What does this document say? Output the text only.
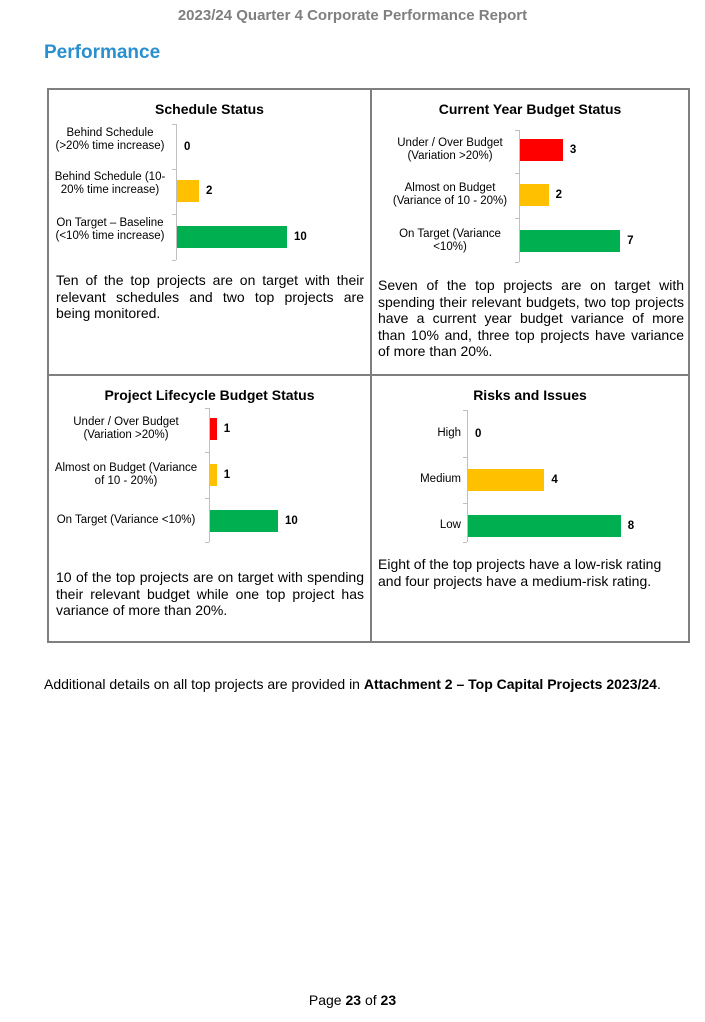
2023/24 Quarter 4 Corporate Performance Report
Performance
Schedule Status
Ten of the top projects are on target with their relevant schedules and two top projects are being monitored.
Behind Schedule (>20% time increase)	0
Behind Schedule (10-20% time increase)	2
On Target – Baseline (<10% time increase)	10
Current Year Budget Status
Seven of the top projects are on target with spending their relevant budgets, two top projects have a current year budget variance of more than 10% and, three top projects have variance of more than 20%.
Under / Over Budget (Variation >20%)	3
Almost on Budget (Variance of 10 - 20%)	2
On Target (Variance <10%)	7
Project Lifecycle Budget Status
10 of the top projects are on target with spending their relevant budget while one top project has variance of more than 20%.
Under / Over Budget (Variation >20%)	1
Almost on Budget (Variance of 10 - 20%)	1
On Target (Variance <10%)	10
Risks and Issues
Eight of the top projects have a low-risk rating and four projects have a medium-risk rating.
High 0
Medium	4
Low	8
Additional details on all top projects are provided in Attachment 2 – Top Capital Projects 2023/24.
Page 23 of 23
